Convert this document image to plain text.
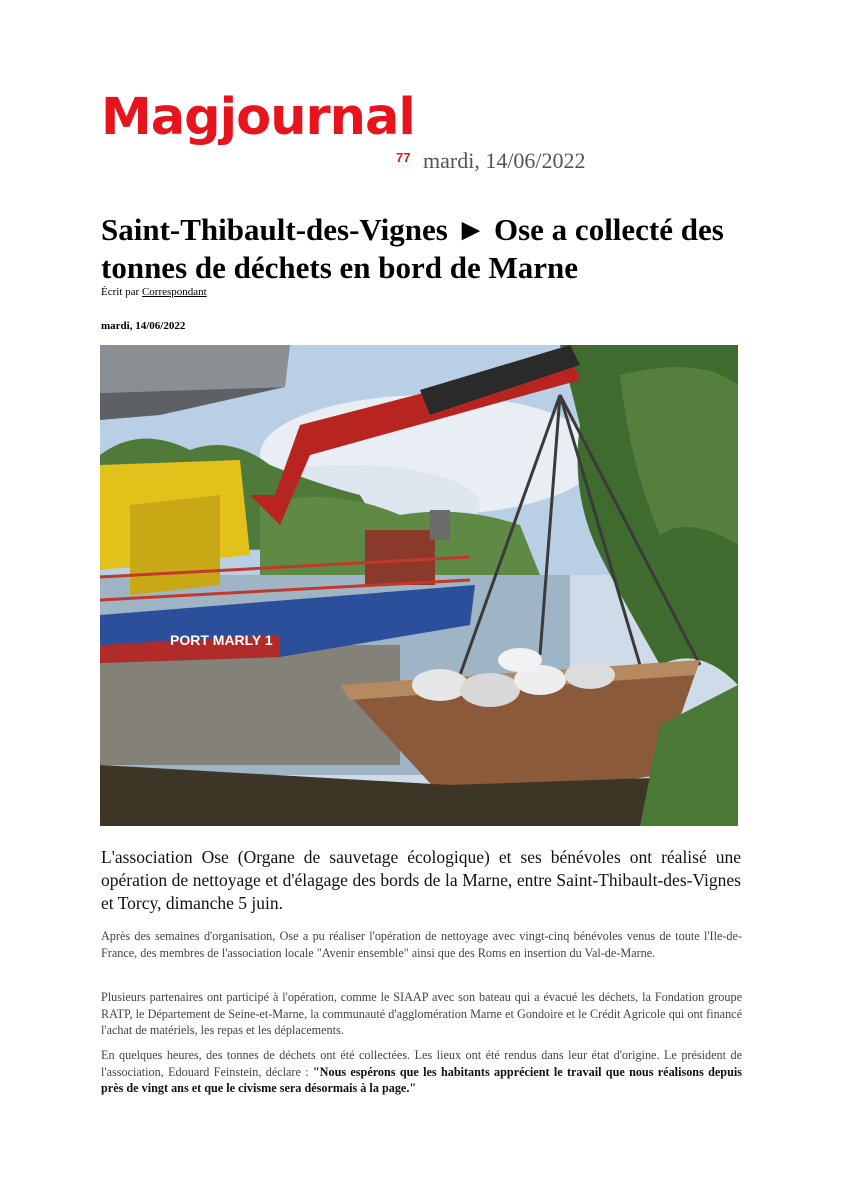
Magjournal
77 mardi, 14/06/2022
Saint-Thibault-des-Vignes ► Ose a collecté des tonnes de déchets en bord de Marne
Écrit par Correspondant
mardi, 14/06/2022
PORT MARLY 1

L'association Ose (Organe de sauvetage écologique) et ses bénévoles ont réalisé une opération de nettoyage et d'élagage des bords de la Marne, entre Saint-Thibault-des-Vignes et Torcy, dimanche 5 juin.

Après des semaines d'organisation, Ose a pu réaliser l'opération de nettoyage avec vingt-cinq bénévoles venus de toute l'Ile-de-France, des membres de l'association locale "Avenir ensemble" ainsi que des Roms en insertion du Val-de-Marne.

Plusieurs partenaires ont participé à l'opération, comme le SIAAP avec son bateau qui a évacué les déchets, la Fondation groupe RATP, le Département de Seine-et-Marne, la communauté d'agglomération Marne et Gondoire et le Crédit Agricole qui ont financé l'achat de matériels, les repas et les déplacements.

En quelques heures, des tonnes de déchets ont été collectées. Les lieux ont été rendus dans leur état d'origine. Le président de l'association, Edouard Feinstein, déclare : "Nous espérons que les habitants apprécient le travail que nous réalisons depuis près de vingt ans et que le civisme sera désormais à la page."
